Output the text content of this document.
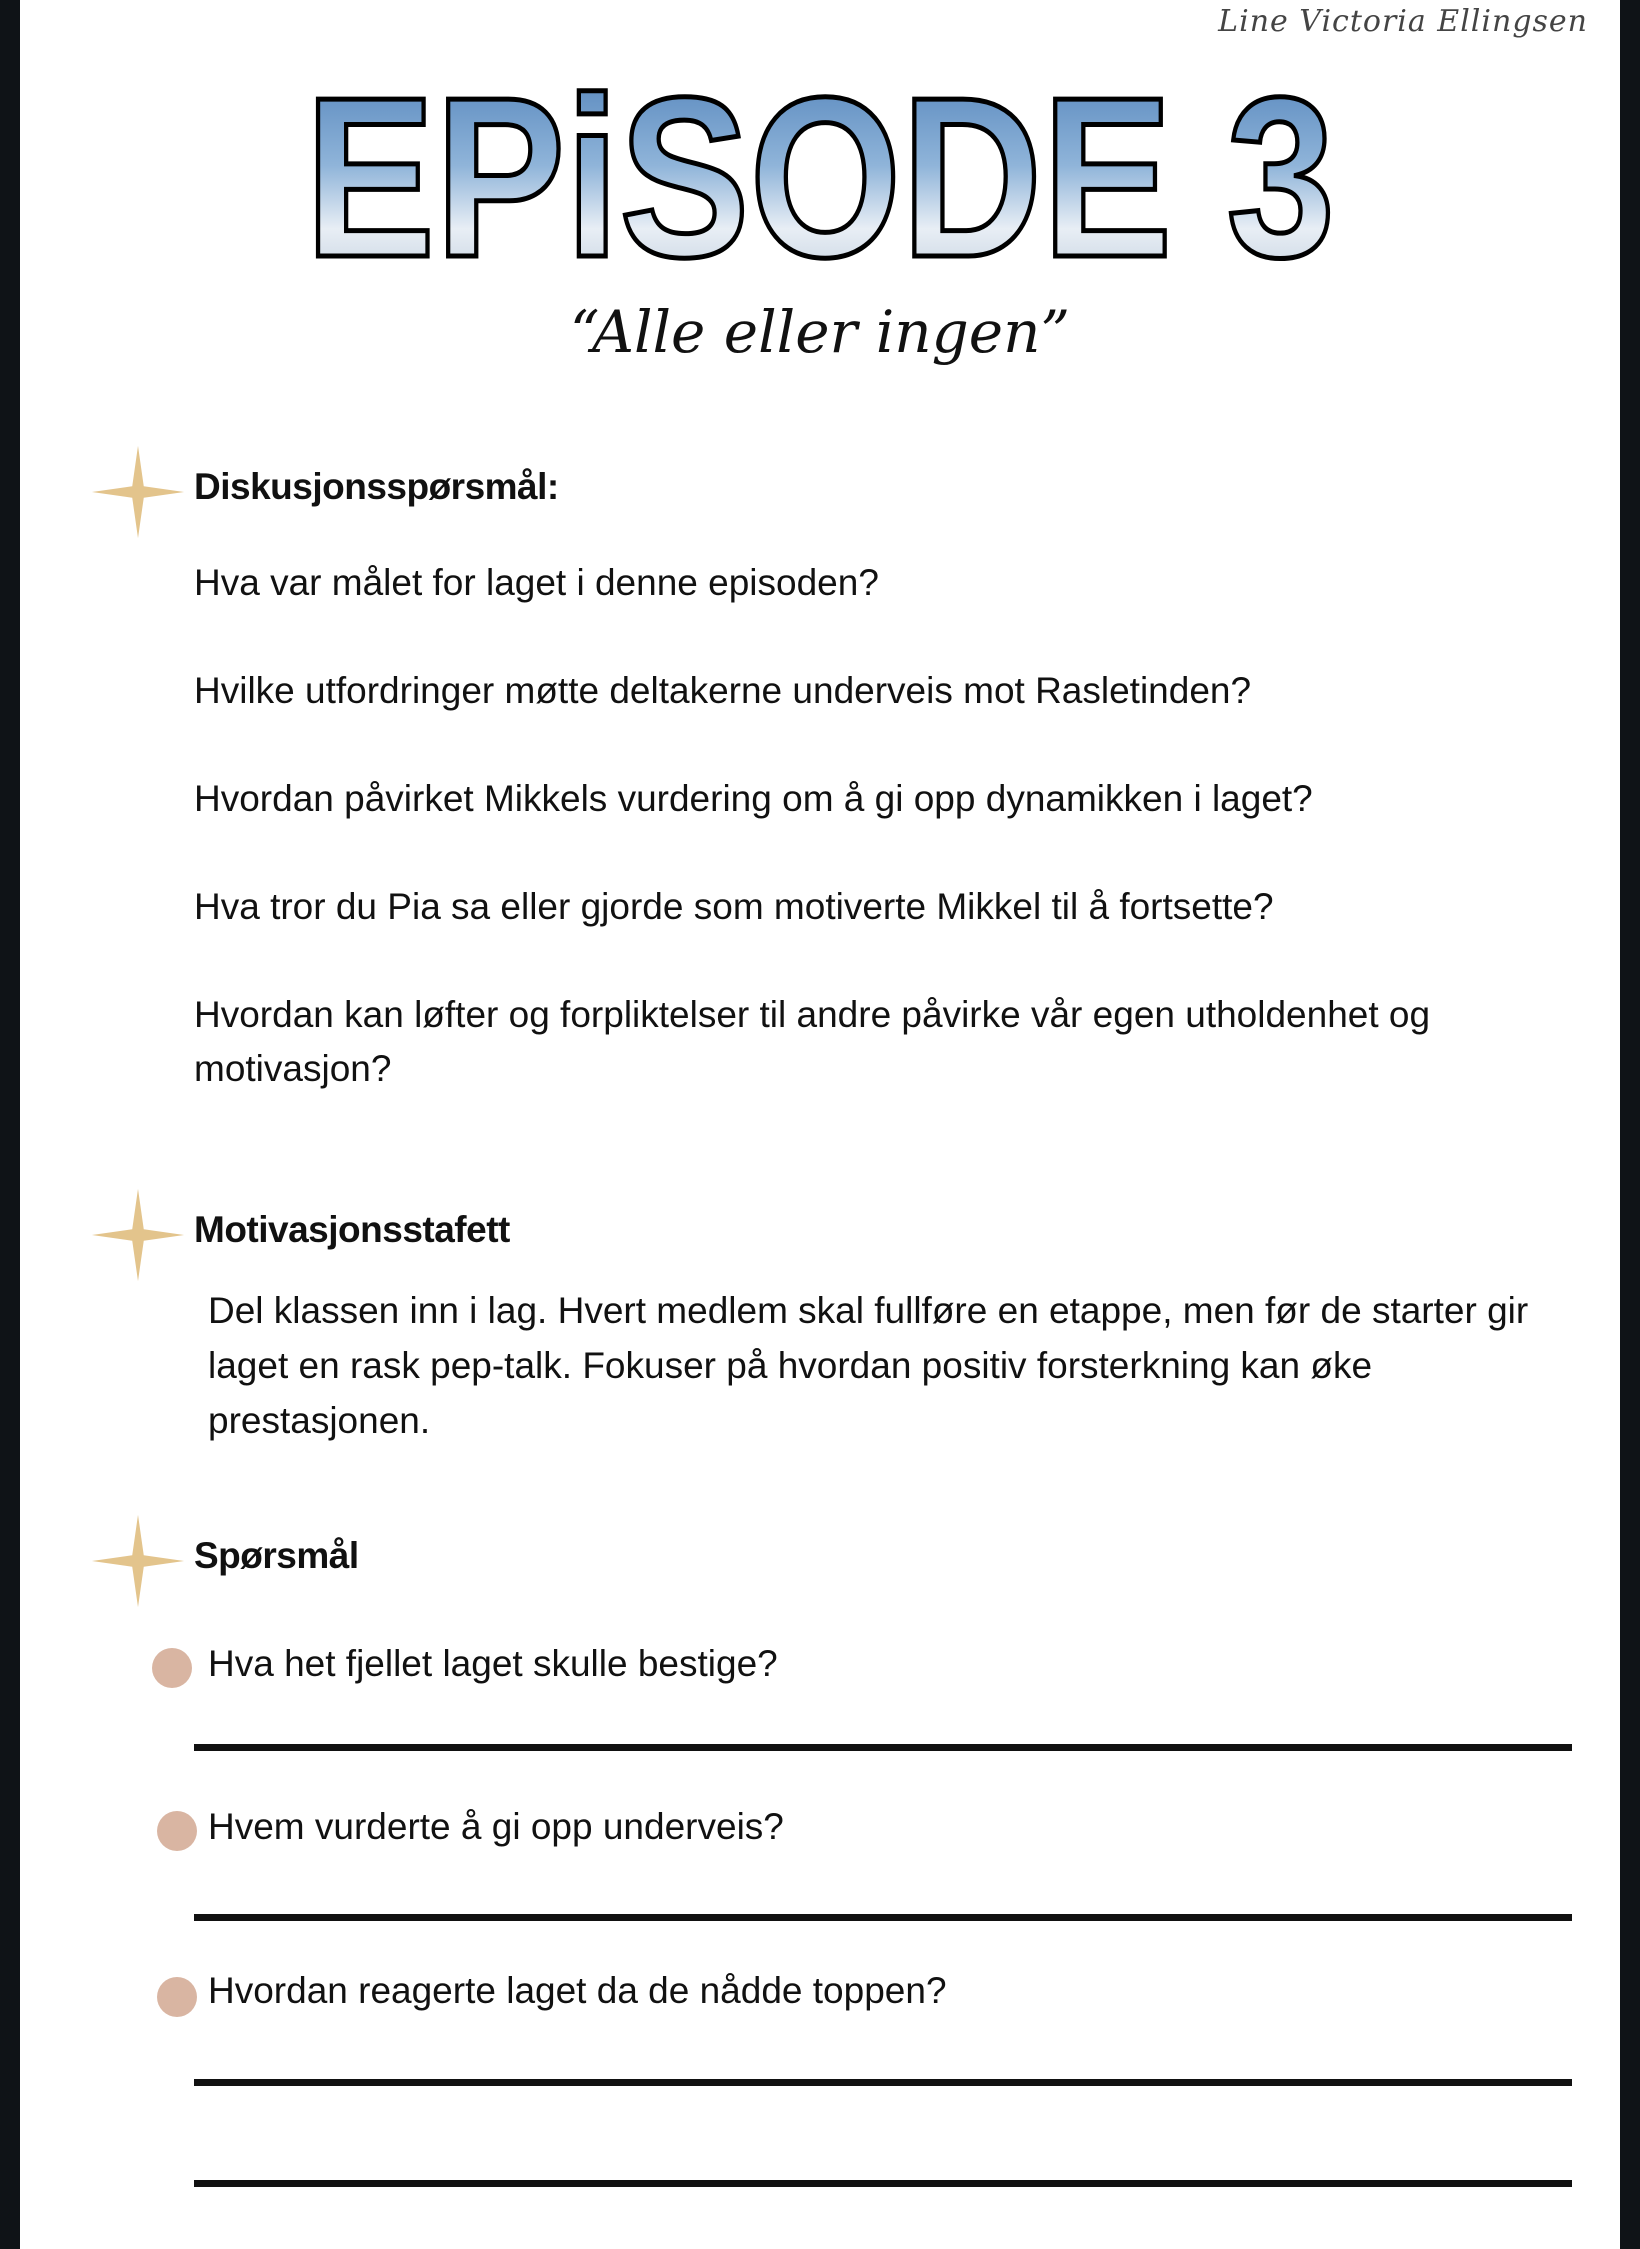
Line Victoria Ellingsen
EPiSODE 3
“Alle eller ingen”
Diskusjonsspørsmål:
Hva var målet for laget i denne episoden?
Hvilke utfordringer møtte deltakerne underveis mot Rasletinden?
Hvordan påvirket Mikkels vurdering om å gi opp dynamikken i laget?
Hva tror du Pia sa eller gjorde som motiverte Mikkel til å fortsette?
Hvordan kan løfter og forpliktelser til andre påvirke vår egen utholdenhet og motivasjon?
Motivasjonsstafett
Del klassen inn i lag. Hvert medlem skal fullføre en etappe, men før de starter gir laget en rask pep-talk. Fokuser på hvordan positiv forsterkning kan øke prestasjonen.
Spørsmål
Hva het fjellet laget skulle bestige?
Hvem vurderte å gi opp underveis?
Hvordan reagerte laget da de nådde toppen?
